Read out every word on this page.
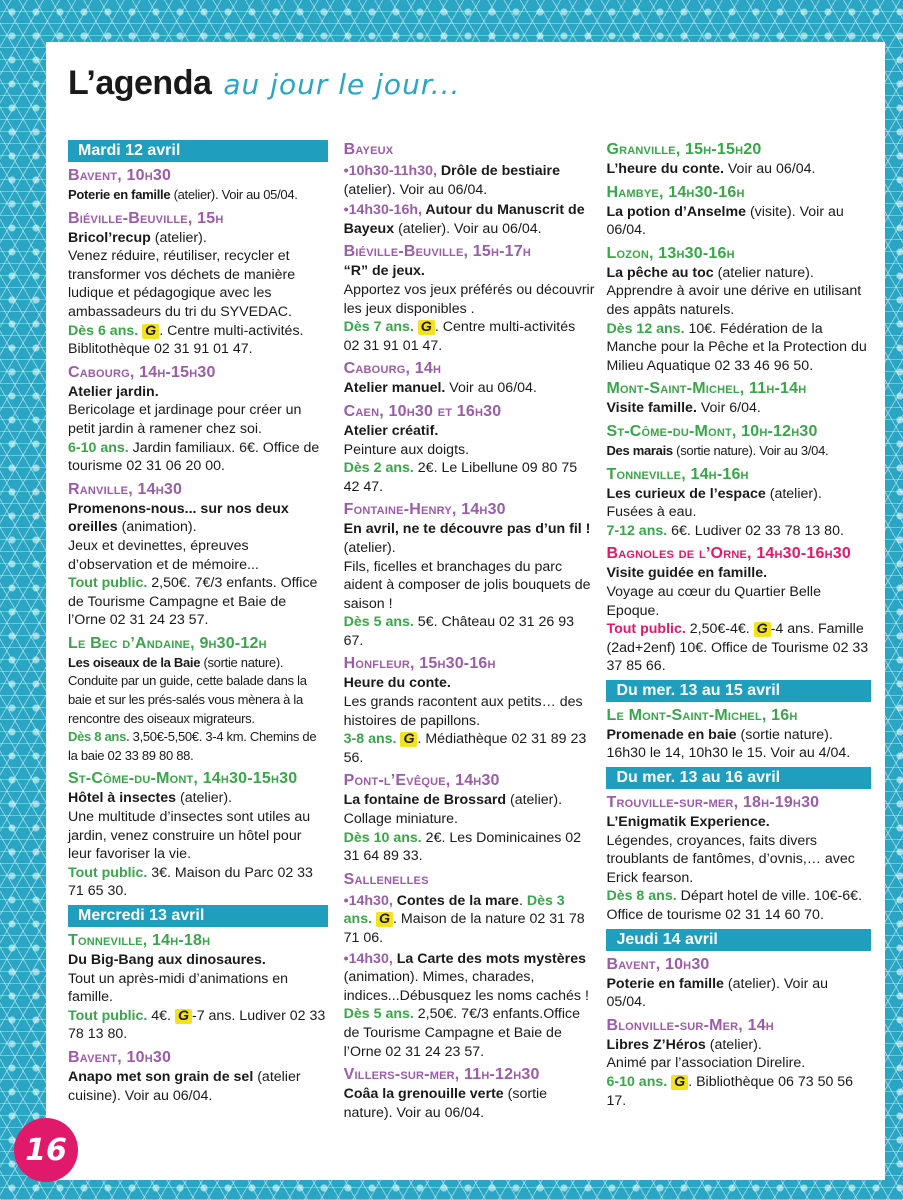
L’agenda au jour le jour...
Mardi 12 avril
Bavent, 10h30
Poterie en famille (atelier). Voir au 05/04.
Biéville-Beuville, 15h
Bricol’recup (atelier).
Venez réduire, réutiliser, recycler et transformer vos déchets de manière ludique et pédagogique avec les ambassadeurs du tri du SYVEDAC.
Dès 6 ans. G . Centre multi-activités. Biblitothèque 02 31 91 01 47.
Cabourg, 14h-15h30
Atelier jardin.
Bericolage et jardinage pour créer un petit jardin à ramener chez soi.
6-10 ans. Jardin familiaux. 6€. Office de tourisme 02 31 06 20 00.
Ranville, 14h30
Promenons-nous... sur nos deux oreilles (animation).
Jeux et devinettes, épreuves d’observation et de mémoire...
Tout public. 2,50€. 7€/3 enfants. Office de Tourisme Campagne et Baie de l’Orne 02 31 24 23 57.
Le Bec d’Andaine, 9h30-12h
Les oiseaux de la Baie (sortie nature).
Conduite par un guide, cette balade dans la baie et sur les prés-salés vous mènera à la rencontre des oiseaux migrateurs.
Dès 8 ans. 3,50€-5,50€. 3-4 km. Chemins de la baie 02 33 89 80 88.
St-Côme-du-Mont, 14h30-15h30
Hôtel à insectes (atelier).
Une multitude d’insectes sont utiles au jardin, venez construire un hôtel pour leur favoriser la vie.
Tout public. 3€. Maison du Parc 02 33 71 65 30.
Mercredi 13 avril
Tonneville, 14h-18h
Du Big-Bang aux dinosaures.
Tout un après-midi d’animations en famille.
Tout public. 4€. G -7 ans. Ludiver 02 33 78 13 80.
Bavent, 10h30
Anapo met son grain de sel (atelier cuisine). Voir au 06/04.
Bayeux
•10h30-11h30, Drôle de bestiaire (atelier). Voir au 06/04.
•14h30-16h, Autour du Manuscrit de Bayeux (atelier). Voir au 06/04.
Biéville-Beuville, 15h-17h
“R” de jeux.
Apportez vos jeux préférés ou découvrir les jeux disponibles .
Dès 7 ans. G . Centre multi-activités 02 31 91 01 47.
Cabourg, 14h
Atelier manuel. Voir au 06/04.
Caen, 10h30 et 16h30
Atelier créatif.
Peinture aux doigts.
Dès 2 ans. 2€. Le Libellune 09 80 75 42 47.
Fontaine-Henry, 14h30
En avril, ne te découvre pas d’un fil ! (atelier).
Fils, ficelles et branchages du parc aident à composer de jolis bouquets de saison !
Dès 5 ans. 5€. Château 02 31 26 93 67.
Honfleur, 15h30-16h
Heure du conte.
Les grands racontent aux petits… des histoires de papillons.
3-8 ans. G . Médiathèque 02 31 89 23 56.
Pont-l’Evêque, 14h30
La fontaine de Brossard (atelier).
Collage miniature.
Dès 10 ans. 2€. Les Dominicaines 02 31 64 89 33.
Sallenelles
•14h30, Contes de la mare. Dès 3 ans. G . Maison de la nature 02 31 78 71 06.
•14h30, La Carte des mots mystères (animation). Mimes, charades, indices...Débusquez les noms cachés ! Dès 5 ans. 2,50€. 7€/3 enfants.Office de Tourisme Campagne et Baie de l’Orne 02 31 24 23 57.
Villers-sur-mer, 11h-12h30
Coâa la grenouille verte (sortie nature). Voir au 06/04.
Granville, 15h-15h20
L’heure du conte. Voir au 06/04.
Hambye, 14h30-16h
La potion d’Anselme (visite). Voir au 06/04.
Lozon, 13h30-16h
La pêche au toc (atelier nature).
Apprendre à avoir une dérive en utilisant des appâts naturels.
Dès 12 ans. 10€. Fédération de la Manche pour la Pêche et la Protection du Milieu Aquatique 02 33 46 96 50.
Mont-Saint-Michel, 11h-14h
Visite famille. Voir 6/04.
St-Côme-du-Mont, 10h-12h30
Des marais (sortie nature). Voir au 3/04.
Tonneville, 14h-16h
Les curieux de l’espace (atelier).
Fusées à eau.
7-12 ans. 6€. Ludiver 02 33 78 13 80.
Bagnoles de l’Orne, 14h30-16h30
Visite guidée en famille.
Voyage au cœur du Quartier Belle Epoque.
Tout public. 2,50€-4€. G -4 ans. Famille (2ad+2enf) 10€. Office de Tourisme 02 33 37 85 66.
Du mer. 13 au 15 avril
Le Mont-Saint-Michel, 16h
Promenade en baie (sortie nature). 16h30 le 14, 10h30 le 15. Voir au 4/04.
Du mer. 13 au 16 avril
Trouville-sur-mer, 18h-19h30
L’Enigmatik Experience.
Légendes, croyances, faits divers troublants de fantômes, d’ovnis,… avec Erick fearson.
Dès 8 ans. Départ hotel de ville. 10€-6€. Office de tourisme 02 31 14 60 70.
Jeudi 14 avril
Bavent, 10h30
Poterie en famille (atelier). Voir au 05/04.
Blonville-sur-Mer, 14h
Libres Z’Héros (atelier).
Animé par l’association Direlire.
6-10 ans. G . Bibliothèque 06 73 50 56 17.
16
